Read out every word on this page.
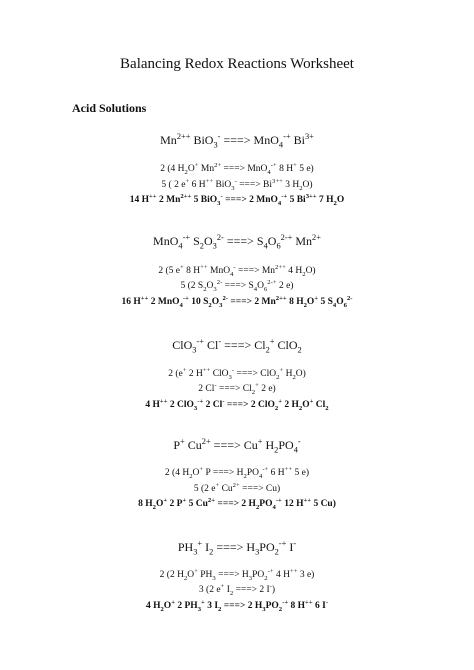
Balancing Redox Reactions Worksheet
Acid Solutions
$Mn^{2++}$ BiO$_3$- ===> MnO$_4$-+ $Bi^{3+}$
2 (4 $H_2O^+$ $Mn^{2+}$ ===> MnO$_4$-+ 8 H+ 5 e)
5 ( 2 e+ 6 H++ BiO$_3$- ===> $Bi^{3++}$ 3 $H_2O$)
14 H++ 2 $Mn^{2++}$ 5 BiO$_3$- ===> 2 MnO$_4$-+ 5 $Bi^{3++}$ 7 $H_2O$
MnO$_4$-+ $S_2O_3^{2-}$ ===> $S_4O_6^{2-+}$ $Mn^{2+}$
2 (5 e+ 8 H++ MnO$_4$- ===> $Mn^{2++}$ 4 $H_2O$)
5 (2 $S_2O_3^{2-}$ ===> $S_4O_6^{2-+}$ 2 e)
16 H++ 2 MnO$_4$-+ 10 $S_2O_3^{2-}$ ===> 2 $Mn^{2++}$ 8 $H_2O^+$ 5 $S_4O_6^{2-}$
ClO$_3$-+ Cl- ===> $Cl_2^+$ ClO$_2$
2 (e+ 2 H++ ClO$_3$- ===> ClO$_2$+ $H_2O$)
2 Cl- ===> $Cl_2^+$ 2 e)
4 H++ 2 ClO$_3$-+ 2 Cl- ===> 2 ClO$_2$+ 2 $H_2O^+$ $Cl_2$
P+ $Cu^{2+}$ ===> Cu+ $H_2PO_4^-$
2 (4 $H_2O^+$ P ===> $H_2PO_4^{-+}$ 6 H++ 5 e)
5 (2 e+ $Cu^{2+}$ ===> Cu)
8 $H_2O^+$ 2 P+ 5 $Cu^{2+}$ ===> 2 $H_2PO_4^{-+}$ 12 H++ 5 Cu)
$PH_3^+$ $I_2$ ===> $H_3PO_2^{-+}$ I-
2 (2 $H_2O^+$ $PH_3$ ===> $H_3PO_2^{-+}$ 4 H++ 3 e)
3 (2 e+ $I_2$ ===> 2 I-)
4 $H_2O^+$ 2 $PH_3^+$ 3 $I_2$ ===> 2 $H_3PO_2^{-+}$ 8 H++ 6 I-
